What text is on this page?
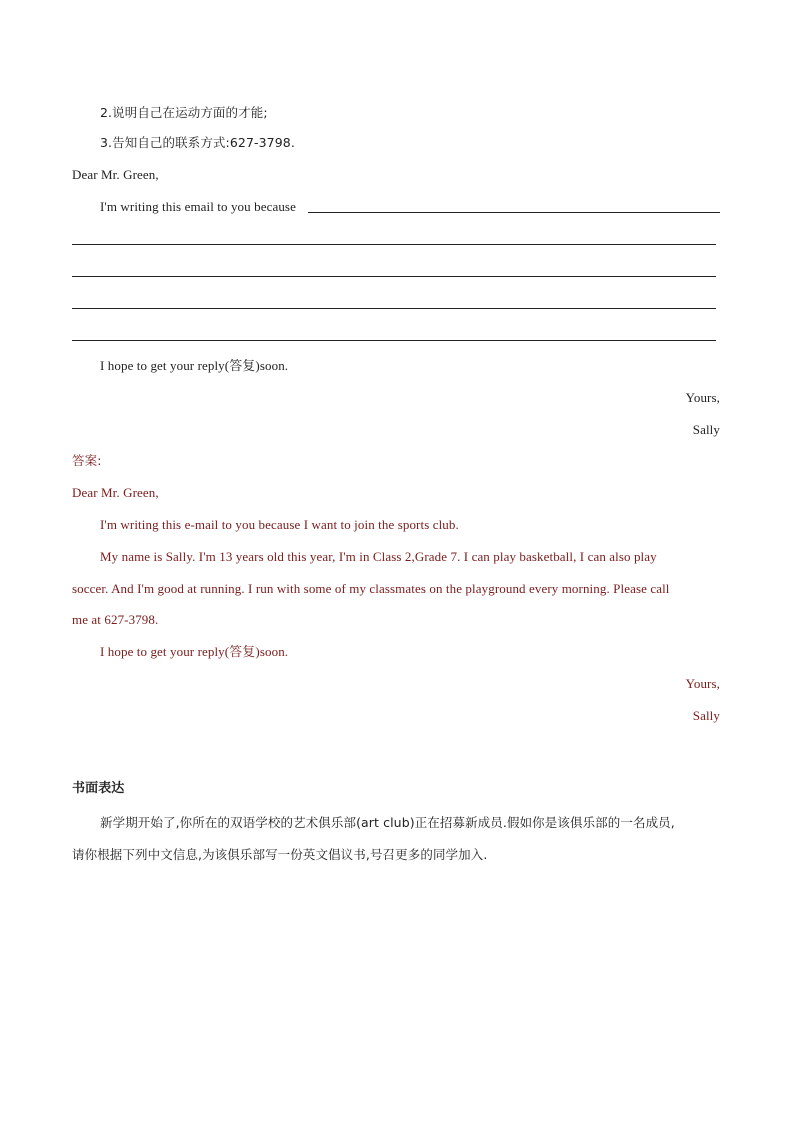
2.说明自己在运动方面的才能;
3.告知自己的联系方式:627-3798.
Dear Mr. Green,
I'm writing this email to you because
I hope to get your reply(答复)soon.
Yours,
Sally
答案:
Dear Mr. Green,
I'm writing this e-mail to you because I want to join the sports club.
My name is Sally. I'm 13 years old this year, I'm in Class 2,Grade 7. I can play basketball, I can also play
soccer. And I'm good at running. I run with some of my classmates on the playground every morning. Please call
me at 627-3798.
I hope to get your reply(答复)soon.
Yours,
Sally
书面表达
新学期开始了,你所在的双语学校的艺术俱乐部(art club)正在招募新成员.假如你是该俱乐部的一名成员,
请你根据下列中文信息,为该俱乐部写一份英文倡议书,号召更多的同学加入.
